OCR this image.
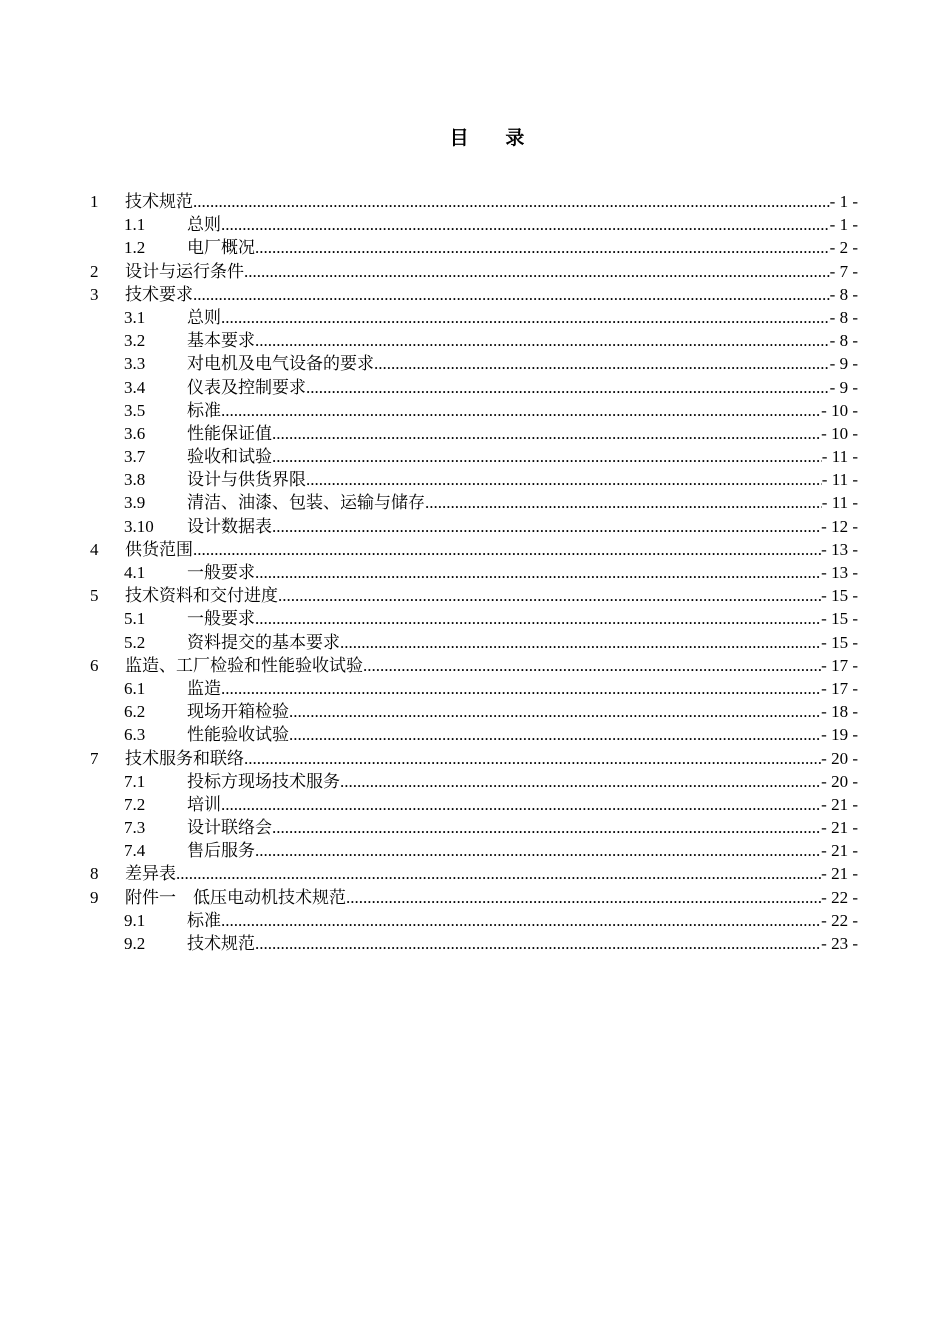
目 录
1 技术规范 .....	- 1 -
1.1 总则 .....	- 1 -
1.2 电厂概况 .....	- 2 -
2 设计与运行条件 .....	- 7 -
3 技术要求 .....	- 8 -
3.1 总则 .....	- 8 -
3.2 基本要求 .....	- 8 -
3.3 对电机及电气设备的要求 .....	- 9 -
3.4 仪表及控制要求 .....	- 9 -
3.5 标准 .....	- 10 -
3.6 性能保证值 .....	- 10 -
3.7 验收和试验 .....	- 11 -
3.8 设计与供货界限 .....	- 11 -
3.9 清洁、油漆、包装、运输与储存 .....	- 11 -
3.10 设计数据表 .....	- 12 -
4 供货范围 .....	- 13 -
4.1 一般要求 .....	- 13 -
5 技术资料和交付进度 .....	- 15 -
5.1 一般要求 .....	- 15 -
5.2 资料提交的基本要求 .....	- 15 -
6 监造、工厂检验和性能验收试验 .....	- 17 -
6.1 监造 .....	- 17 -
6.2 现场开箱检验 .....	- 18 -
6.3 性能验收试验 .....	- 19 -
7 技术服务和联络 .....	- 20 -
7.1 投标方现场技术服务 .....	- 20 -
7.2 培训 .....	- 21 -
7.3 设计联络会 .....	- 21 -
7.4 售后服务 .....	- 21 -
8 差异表 .....	- 21 -
9 附件一    低压电动机技术规范 .....	- 22 -
9.1 标准 .....	- 22 -
9.2 技术规范 .....	- 23 -
